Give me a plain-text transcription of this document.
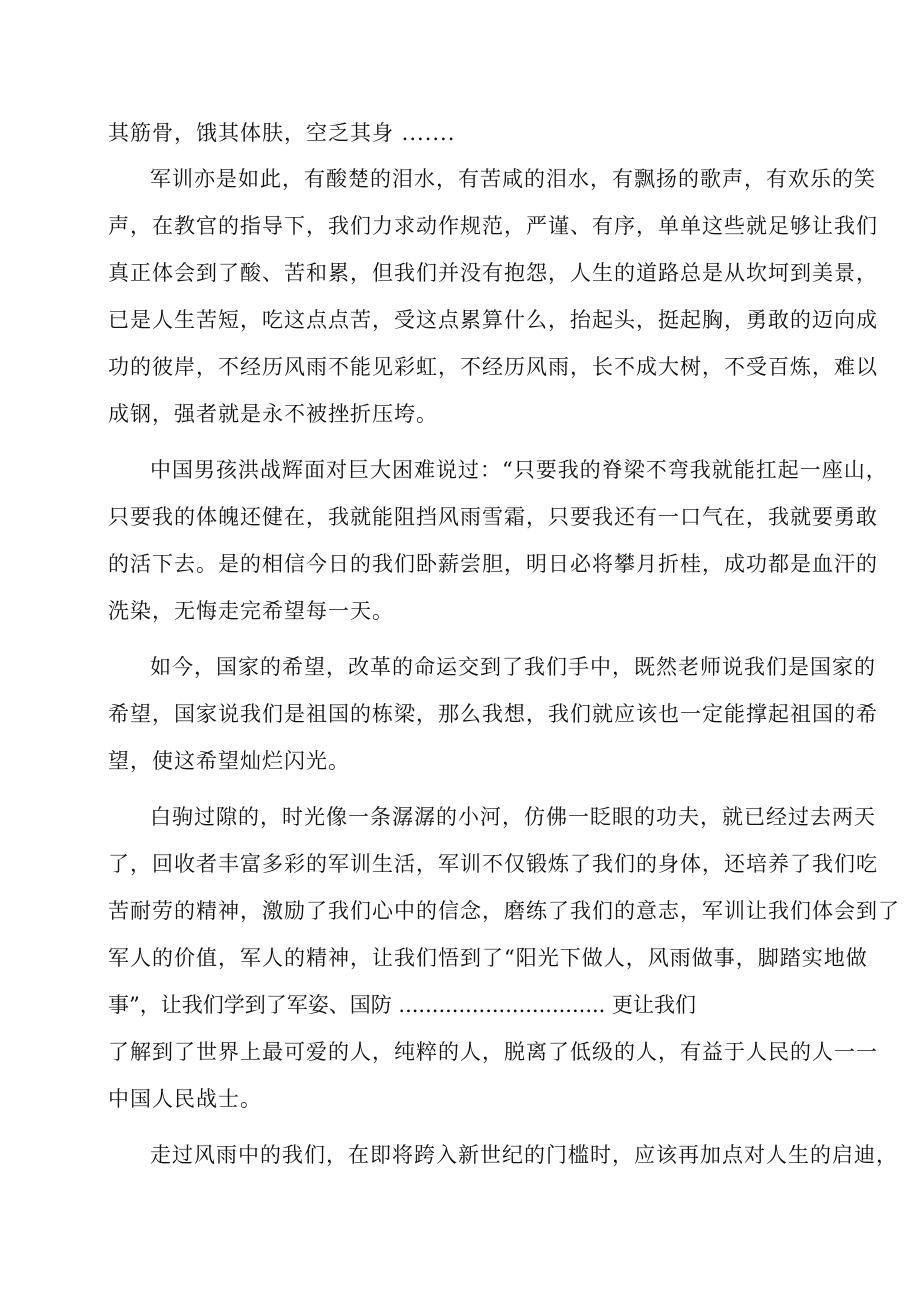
其筋骨，饿其体肤，空乏其身 .......
军训亦是如此，有酸楚的泪水，有苦咸的泪水，有飘扬的歌声，有欢乐的笑
声，在教官的指导下，我们力求动作规范，严谨、有序，单单这些就足够让我们
真正体会到了酸、苦和累，但我们并没有抱怨，人生的道路总是从坎坷到美景，
已是人生苦短，吃这点点苦，受这点累算什么，抬起头，挺起胸，勇敢的迈向成
功的彼岸，不经历风雨不能见彩虹，不经历风雨，长不成大树，不受百炼，难以
成钢，强者就是永不被挫折压垮。
中国男孩洪战辉面对巨大困难说过：“只要我的脊梁不弯我就能扛起一座山，
只要我的体魄还健在，我就能阻挡风雨雪霜，只要我还有一口气在，我就要勇敢
的活下去。是的相信今日的我们卧薪尝胆，明日必将攀月折桂，成功都是血汗的
洗染，无悔走完希望每一天。
如今，国家的希望，改革的命运交到了我们手中，既然老师说我们是国家的
希望，国家说我们是祖国的栋梁，那么我想，我们就应该也一定能撑起祖国的希
望，使这希望灿烂闪光。
白驹过隙的，时光像一条潺潺的小河，仿佛一眨眼的功夫，就已经过去两天
了，回收者丰富多彩的军训生活，军训不仅锻炼了我们的身体，还培养了我们吃
苦耐劳的精神，激励了我们心中的信念，磨练了我们的意志，军训让我们体会到了
军人的价值，军人的精神，让我们悟到了“阳光下做人，风雨做事，脚踏实地做
事”，让我们学到了军姿、国防 ............................... 更让我们
了解到了世界上最可爱的人，纯粹的人，脱离了低级的人，有益于人民的人一一
中国人民战士。
走过风雨中的我们，在即将跨入新世纪的门槛时，应该再加点对人生的启迪，
